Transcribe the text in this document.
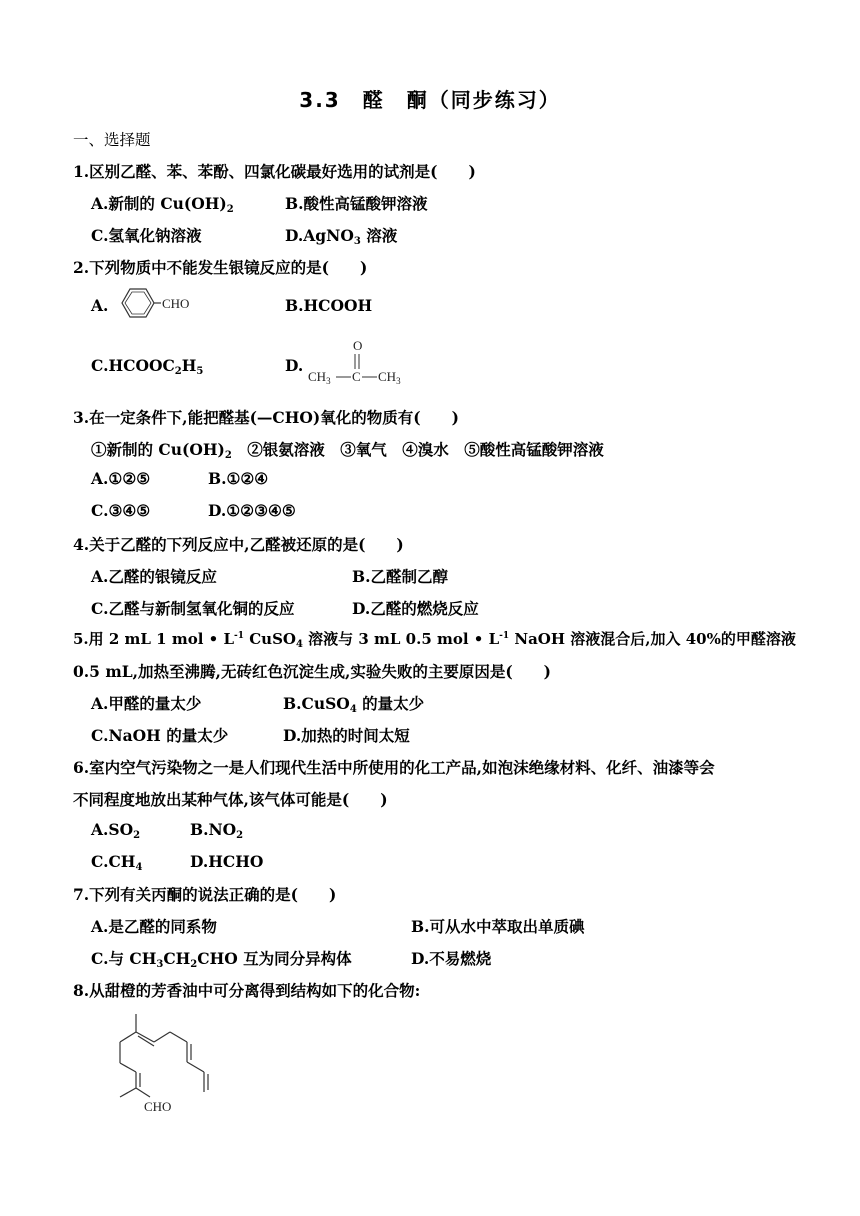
3.3　醛　酮（同步练习）
一、选择题
1.区别乙醛、苯、苯酚、四氯化碳最好选用的试剂是(　　)
A.新制的 $Cu(OH)_2$	B.酸性高锰酸钾溶液
C.氢氧化钠溶液	D.AgNO$_3$ 溶液
2.下列物质中不能发生银镜反应的是(　　)
A.	CHO	B.HCOOH
$C.HCOOC_2H_5$	D.
O
$CH_3$ C $CH_3$
3.在一定条件下,能把醛基(—CHO)氧化的物质有(　　)
①新制的 $Cu(OH)_2$　②银氨溶液　③氧气　④溴水　⑤酸性高锰酸钾溶液
A.①②⑤	B.①②④
C.③④⑤	D.①②③④⑤
4.关于乙醛的下列反应中,乙醛被还原的是(　　)
A.乙醛的银镜反应	B.乙醛制乙醇
C.乙醛与新制氢氧化铜的反应	D.乙醛的燃烧反应
5.用 2 mL 1 mol • $L^{-1}$ CuSO$_4$ 溶液与 3 mL 0.5 mol • $L^{-1}$ NaOH 溶液混合后,加入 40%的甲醛溶液
0.5 mL,加热至沸腾,无砖红色沉淀生成,实验失败的主要原因是(　　)
A.甲醛的量太少	B.CuSO$_4$ 的量太少
C.NaOH 的量太少	D.加热的时间太短
6.室内空气污染物之一是人们现代生活中所使用的化工产品,如泡沫绝缘材料、化纤、油漆等会
不同程度地放出某种气体,该气体可能是(　　)
$A.SO_2$	$B.NO_2$
$C.CH_4$	D.HCHO
7.下列有关丙酮的说法正确的是(　　)
A.是乙醛的同系物	B.可从水中萃取出单质碘
C.与 $CH_3CH_2CHO$ 互为同分异构体	D.不易燃烧
8.从甜橙的芳香油中可分离得到结构如下的化合物:
CHO
